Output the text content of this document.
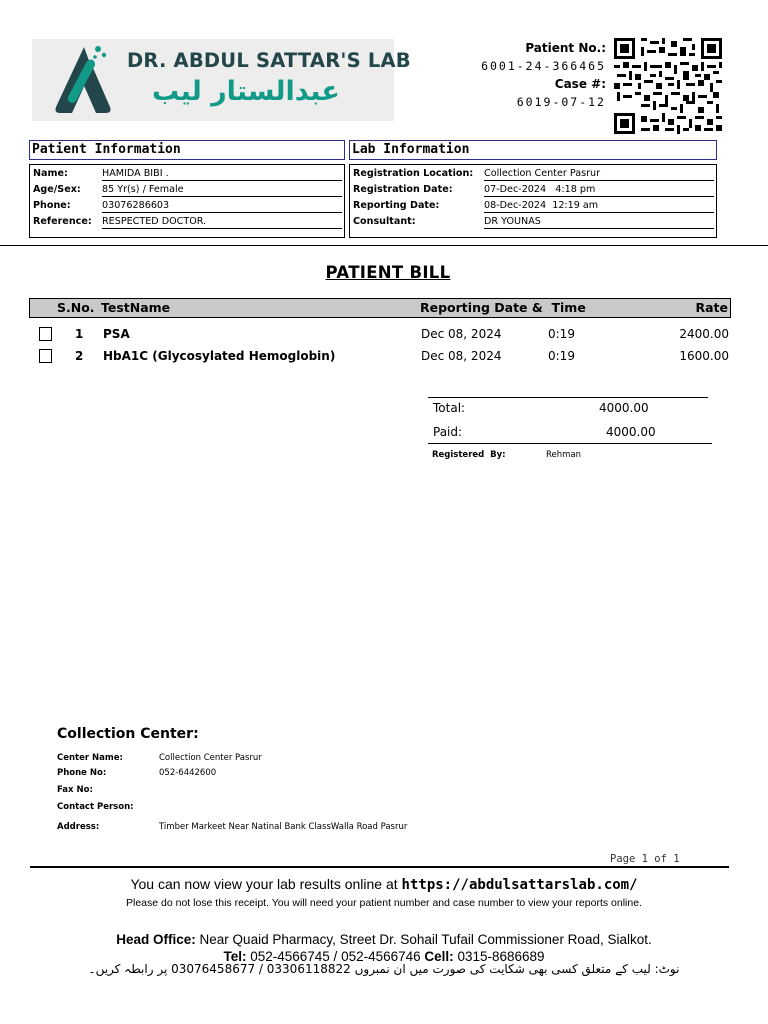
DR. ABDUL SATTAR'S LAB
عبدالستار لیب
Patient No.:
6001-24-366465
Case #:
6019-07-12
Patient Information
Name:	HAMIDA BIBI .
Age/Sex: 85 Yr(s) / Female
Phone:	03076286603
Reference: RESPECTED DOCTOR.
Lab Information
Registration Location: Collection Center Pasrur
Registration Date:	07-Dec-2024   4:18 pm
Reporting Date:	08-Dec-2024  12:19 am
Consultant:	DR YOUNAS
PATIENT BILL
S.No. TestName	Reporting Date &  Time	Rate
1 PSA	Dec 08, 2024	0:19	2400.00
2 HbA1C (Glycosylated Hemoglobin)	Dec 08, 2024	0:19	1600.00
Total:	4000.00
Paid:	4000.00
Registered  By:	Rehman
Collection Center:
Center Name:	Collection Center Pasrur
Phone No:	052-6442600
Fax No:
Contact Person:
Address:	Timber Markeet Near Natinal Bank ClassWalla Road Pasrur
Page 1 of 1
You can now view your lab results online at https://abdulsattarslab.com/
Please do not lose this receipt. You will need your patient number and case number to view your reports online.
Head Office: Near Quaid Pharmacy, Street Dr. Sohail Tufail Commissioner Road, Sialkot.
Tel: 052-4566745 / 052-4566746 Cell: 0315-8686689
نوٹ: لیب کے متعلق کسی بھی شکایت کی صورت میں ان نمبروں 03306118822 / 03076458677 پر رابطہ کریں۔
